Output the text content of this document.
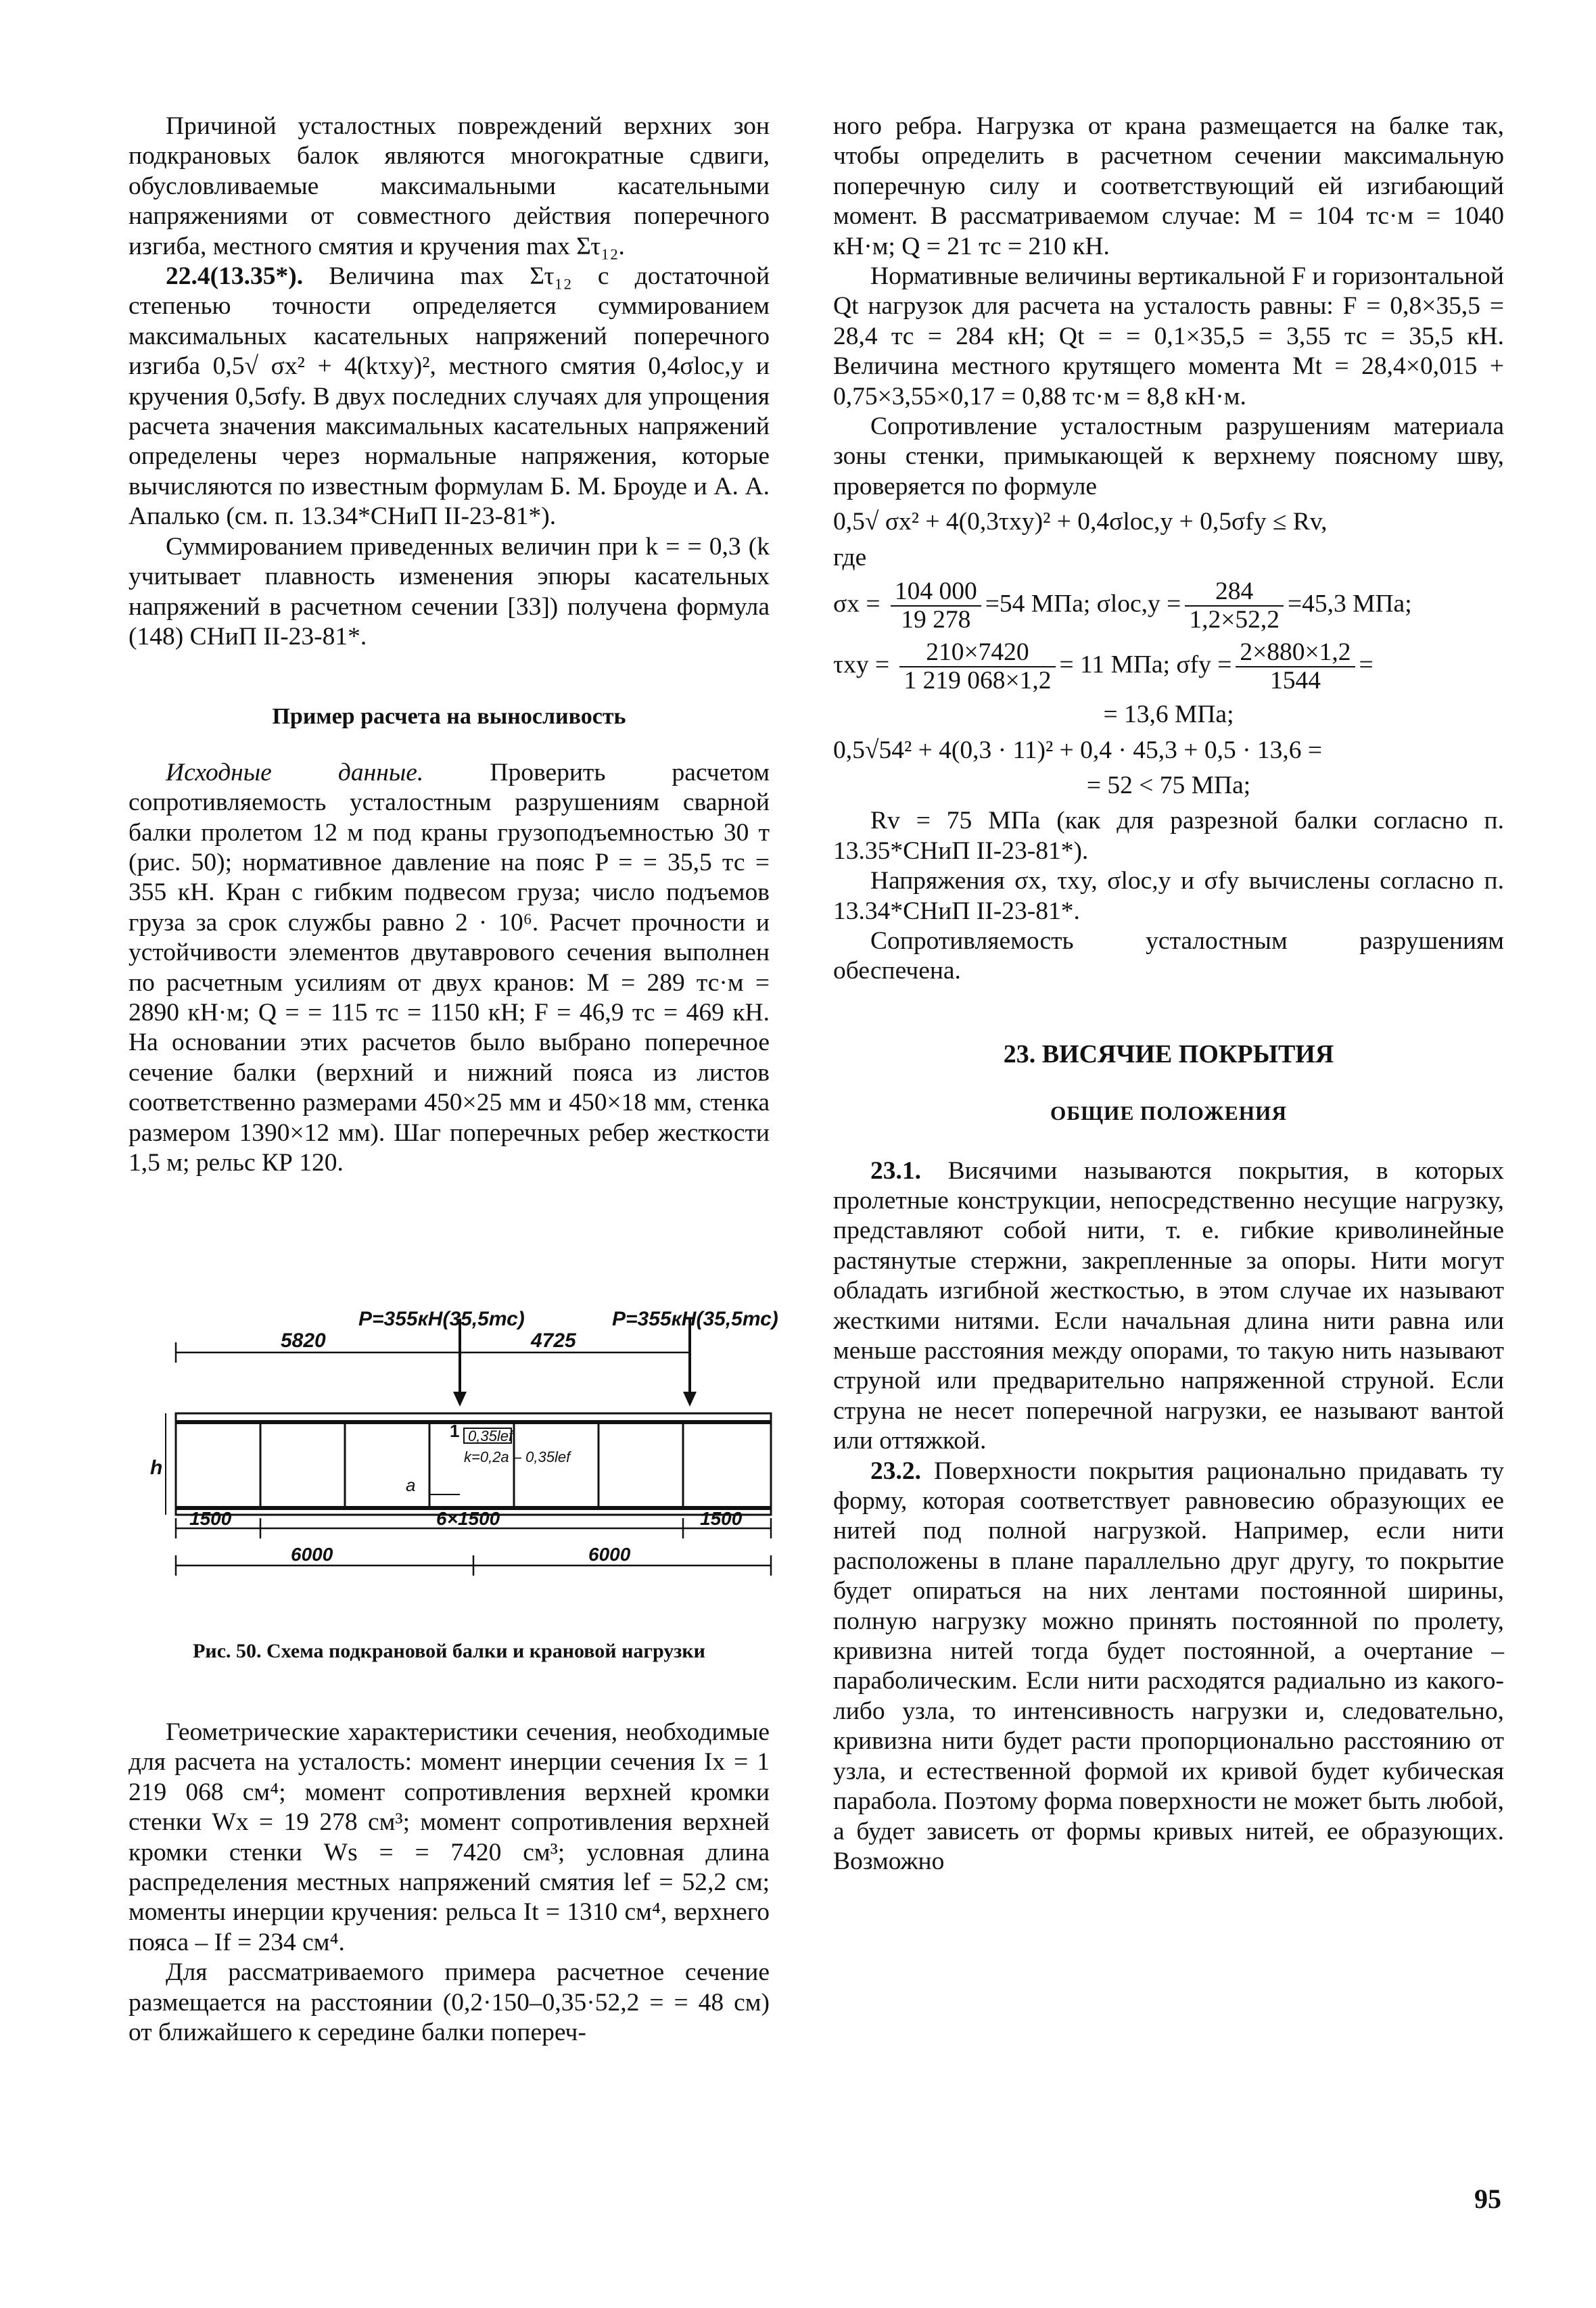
Причиной усталостных повреждений верхних зон подкрановых балок являются многократные сдвиги, обусловливаемые максимальными касательными напряжениями от совместного действия поперечного изгиба, местного смятия и кручения max Στ₁₂.

22.4(13.35*). Величина max Στ₁₂ с достаточной степенью точности определяется суммированием максимальных касательных напряжений поперечного изгиба 0,5√ σx² + 4(kτxy)², местного смятия 0,4σloc,y и кручения 0,5σfy. В двух последних случаях для упрощения расчета значения максимальных касательных напряжений определены через нормальные напряжения, которые вычисляются по известным формулам Б. М. Броуде и А. А. Апалько (см. п. 13.34*СНиП II-23-81*).

Суммированием приведенных величин при k = = 0,3 (k учитывает плавность изменения эпюры касательных напряжений в расчетном сечении [33]) получена формула (148) СНиП II-23-81*.

Пример расчета на выносливость

Исходные данные.	Проверить расчетом сопротивляемость усталостным разрушениям сварной балки пролетом 12 м под краны грузоподъемностью 30 т (рис. 50); нормативное давление на пояс P = = 35,5 тс = 355 кН. Кран с гибким подвесом груза; число подъемов груза за срок службы равно 2 · 10⁶. Расчет прочности и устойчивости элементов двутаврового сечения выполнен по расчетным усилиям от двух кранов: M = 289 тс·м = 2890 кН·м; Q = = 115 тс = 1150 кН; F = 46,9 тс = 469 кН. На основании этих расчетов было выбрано поперечное сечение балки (верхний и нижний пояса из листов соответственно размерами 450×25 мм и 450×18 мм, стенка размером 1390×12 мм). Шаг поперечных ребер жесткости 1,5 м; рельс КР 120.

P=355кН(35,5тс)	P=355кН(35,5тс)
5820	4725
h
1 0,35lef
k=0,2a – 0,35lef
a
1500	6×1500	1500
6000	6000
Рис. 50. Схема подкрановой балки и крановой нагрузки

Геометрические характеристики сечения, необходимые для расчета на усталость: момент инерции сечения Ix = 1 219 068 см⁴; момент сопротивления верхней кромки стенки Wx = 19 278 см³; момент сопротивления верхней кромки стенки Ws = = 7420 см³; условная длина распределения местных напряжений смятия lef = 52,2 см; моменты инерции кручения: рельса It = 1310 см⁴, верхнего пояса – If = 234 см⁴.

Для рассматриваемого примера расчетное сечение размещается на расстоянии (0,2·150–0,35·52,2 = = 48 см) от ближайшего к середине балки попереч-

ного ребра. Нагрузка от крана размещается на балке так, чтобы определить в расчетном сечении максимальную поперечную силу и соответствующий ей изгибающий момент. В рассматриваемом случае: M = 104 тс·м = 1040 кН·м; Q = 21 тс = 210 кН.

Нормативные величины вертикальной F и горизонтальной Qt нагрузок для расчета на усталость равны: F = 0,8×35,5 = 28,4 тс = 284 кН; Qt = = 0,1×35,5 = 3,55 тс = 35,5 кН. Величина местного крутящего момента Mt = 28,4×0,015 + 0,75×3,55×0,17 = 0,88 тс·м = 8,8 кН·м.

Сопротивление усталостным разрушениям материала зоны стенки, примыкающей к верхнему поясному шву, проверяется по формуле

0,5√ σx² + 4(0,3τxy)² + 0,4σloc,y + 0,5σfy ≤ Rv,
где
$\sigma x = \frac{104 000}{19 278} =54$ МПа; $\sigma loc,y = \frac{284}{1,2\times 52,2} =45,3$ МПа;
$\tau xy = \frac{210\times 7420}{1 219 068\times 1,2} = 11$ МПа; $\sigma fy = \frac{2\times 880\times 1,2}{1544}$ =
= 13,6 МПа;
0,5√54² + 4(0,3 · 11)² + 0,4 · 45,3 + 0,5 · 13,6 =
= 52 < 75 МПа;

Rv = 75 МПа (как для разрезной балки согласно п. 13.35*СНиП II-23-81*).

Напряжения σx, τxy, σloc,y и σfy вычислены согласно п. 13.34*СНиП II-23-81*.

Сопротивляемость усталостным разрушениям обеспечена.

23. ВИСЯЧИЕ ПОКРЫТИЯ
ОБЩИЕ ПОЛОЖЕНИЯ

23.1. Висячими называются покрытия, в которых пролетные конструкции, непосредственно несущие нагрузку, представляют собой нити, т. е. гибкие криволинейные растянутые стержни, закрепленные за опоры. Нити могут обладать изгибной жесткостью, в этом случае их называют жесткими нитями. Если начальная длина нити равна или меньше расстояния между опорами, то такую нить называют струной или предварительно напряженной струной. Если струна не несет поперечной нагрузки, ее называют вантой или оттяжкой.

23.2. Поверхности покрытия рационально придавать ту форму, которая соответствует равновесию образующих ее нитей под полной нагрузкой. Например, если нити расположены в плане параллельно друг другу, то покрытие будет опираться на них лентами постоянной ширины, полную нагрузку можно принять постоянной по пролету, кривизна нитей тогда будет постоянной, а очертание – параболическим. Если нити расходятся радиально из какого-либо узла, то интенсивность нагрузки и, следовательно, кривизна нити будет расти пропорционально расстоянию от узла, и естественной формой их кривой будет кубическая парабола. Поэтому форма поверхности не может быть любой, а будет зависеть от формы кривых нитей, ее образующих. Возможно

95
